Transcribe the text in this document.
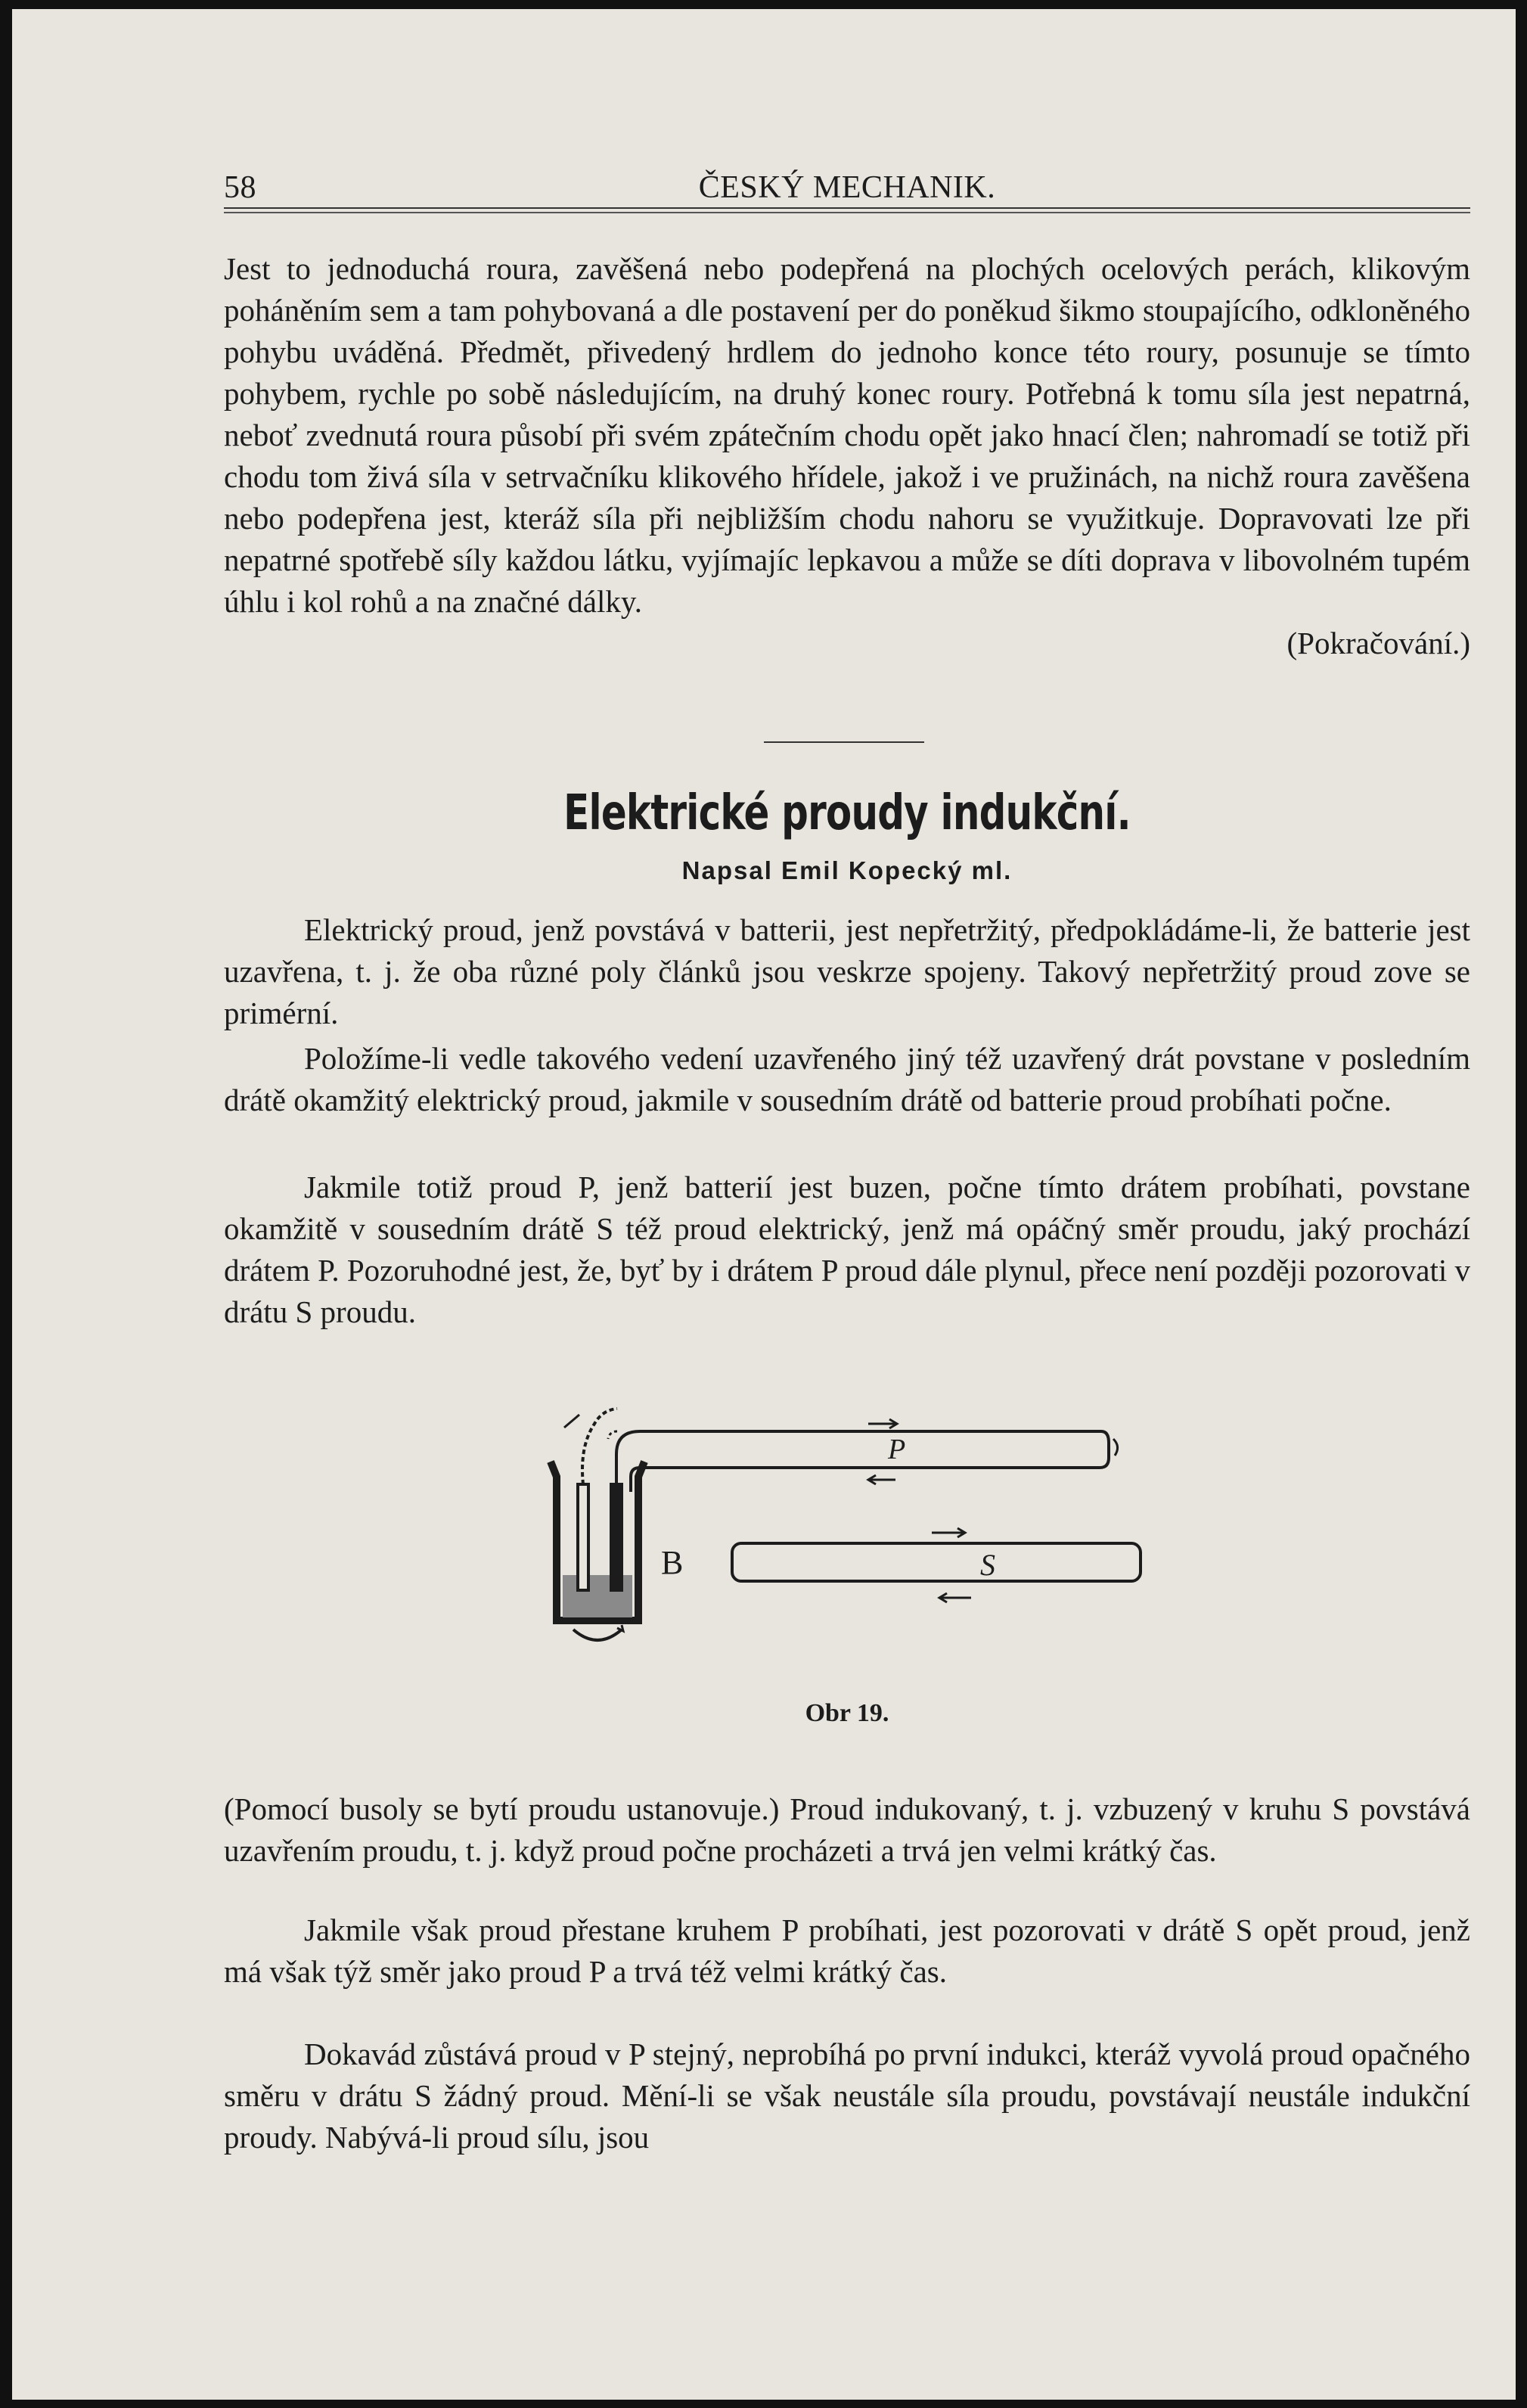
58	ČESKÝ MECHANIK.

Jest to jednoduchá roura, zavěšená nebo podepřená na plochých ocelových perách, klikovým poháněním sem a tam pohybovaná a dle postavení per do poněkud šikmo stoupajícího, odkloněného pohybu uváděná. Předmět, přivedený hrdlem do jednoho konce této roury, posunuje se tímto pohybem, rychle po sobě následujícím, na druhý konec roury. Potřebná k tomu síla jest nepatrná, neboť zvednutá roura působí při svém zpátečním chodu opět jako hnací člen; nahromadí se totiž při chodu tom živá síla v setrvačníku klikového hřídele, jakož i ve pružinách, na nichž roura zavěšena nebo podepřena jest, kteráž síla při nejbližším chodu nahoru se využitkuje. Dopravovati lze při nepatrné spotřebě síly každou látku, vyjímajíc lepkavou a může se díti doprava v libovolném tupém úhlu i kol rohů a na značné dálky.
(Pokračování.)

Elektrické proudy indukční.
Napsal Emil Kopecký ml.

Elektrický proud, jenž povstává v batterii, jest nepřetržitý, předpokládáme-li, že batterie jest uzavřena, t. j. že oba různé poly článků jsou veskrze spojeny. Takový nepřetržitý proud zove se primérní.

Položíme-li vedle takového vedení uzavřeného jiný též uzavřený drát povstane v posledním drátě okamžitý elektrický proud, jakmile v sousedním drátě od batterie proud probíhati počne.

Jakmile totiž proud P, jenž batterií jest buzen, počne tímto drátem probíhati, povstane okamžitě v sousedním drátě S též proud elektrický, jenž má opáčný směr proudu, jaký prochází drátem P. Pozoruhodné jest, že, byť by i drátem P proud dále plynul, přece není později pozorovati v drátu S proudu.

P
B	S
Obr 19.

(Pomocí busoly se bytí proudu ustanovuje.) Proud indukovaný, t. j. vzbuzený v kruhu S povstává uzavřením proudu, t. j. když proud počne procházeti a trvá jen velmi krátký čas.

Jakmile však proud přestane kruhem P probíhati, jest pozorovati v drátě S opět proud, jenž má však týž směr jako proud P a trvá též velmi krátký čas.

Dokavád zůstává proud v P stejný, neprobíhá po první indukci, kteráž vyvolá proud opačného směru v drátu S žádný proud. Mění-li se však neustále síla proudu, povstávají neustále indukční proudy. Nabývá-li proud sílu, jsou
